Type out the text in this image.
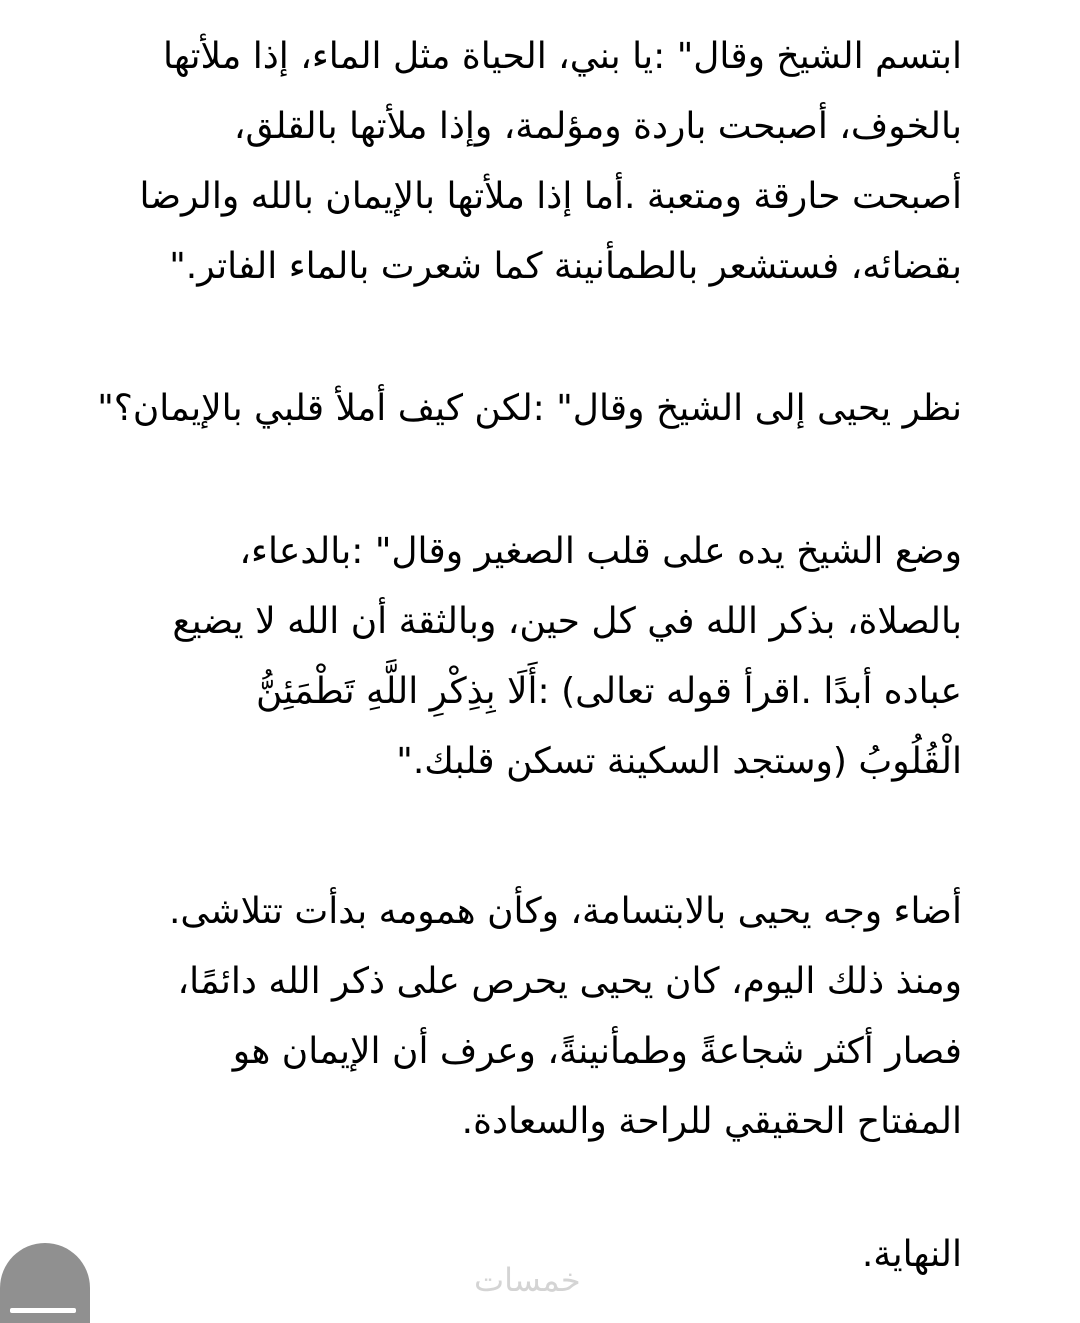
ابتسم الشيخ وقال" :يا بني، الحياة مثل الماء، إذا ملأتها
بالخوف، أصبحت باردة ومؤلمة، وإذا ملأتها بالقلق،
أصبحت حارقة ومتعبة .أما إذا ملأتها بالإيمان بالله والرضا
بقضائه، فستشعر بالطمأنينة كما شعرت بالماء الفاتر."
نظر يحيى إلى الشيخ وقال" :لكن كيف أملأ قلبي بالإيمان؟"
وضع الشيخ يده على قلب الصغير وقال" :بالدعاء،
بالصلاة، بذكر الله في كل حين، وبالثقة أن الله لا يضيع
عباده أبدًا .اقرأ قوله تعالى) :أَلَا بِذِكْرِ اللَّهِ تَطْمَئِنُّ
الْقُلُوبُ (وستجد السكينة تسكن قلبك."
أضاء وجه يحيى بالابتسامة، وكأن همومه بدأت تتلاشى.
ومنذ ذلك اليوم، كان يحيى يحرص على ذكر الله دائمًا،
فصار أكثر شجاعةً وطمأنينةً، وعرف أن الإيمان هو
المفتاح الحقيقي للراحة والسعادة.
النهاية.
خمسات
